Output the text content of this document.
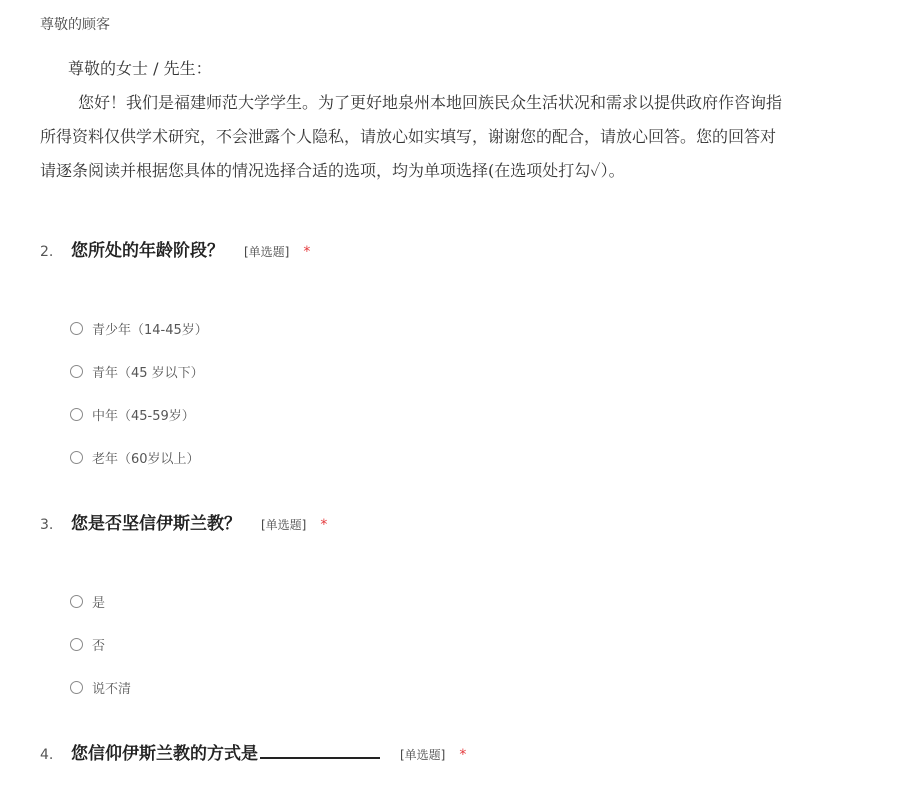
尊敬的顾客

尊敬的女士 / 先生：

您好！我们是福建师范大学学生。为了更好地泉州本地回族民众生活状况和需求以提供政府作咨询指

所得资料仅供学术研究，不会泄露个人隐私，请放心如实填写，谢谢您的配合，请放心回答。您的回答对

请逐条阅读并根据您具体的情况选择合适的选项，均为单项选择(在选项处打勾✓）。

2.	您所处的年龄阶段？ [单选题] *
青少年（14-45岁）
青年（45 岁以下）
中年（45-59岁）
老年（60岁以上）
3.	您是否坚信伊斯兰教？ [单选题] *
是
否
说不清
4.	您信仰伊斯兰教的方式是	[单选题] *
